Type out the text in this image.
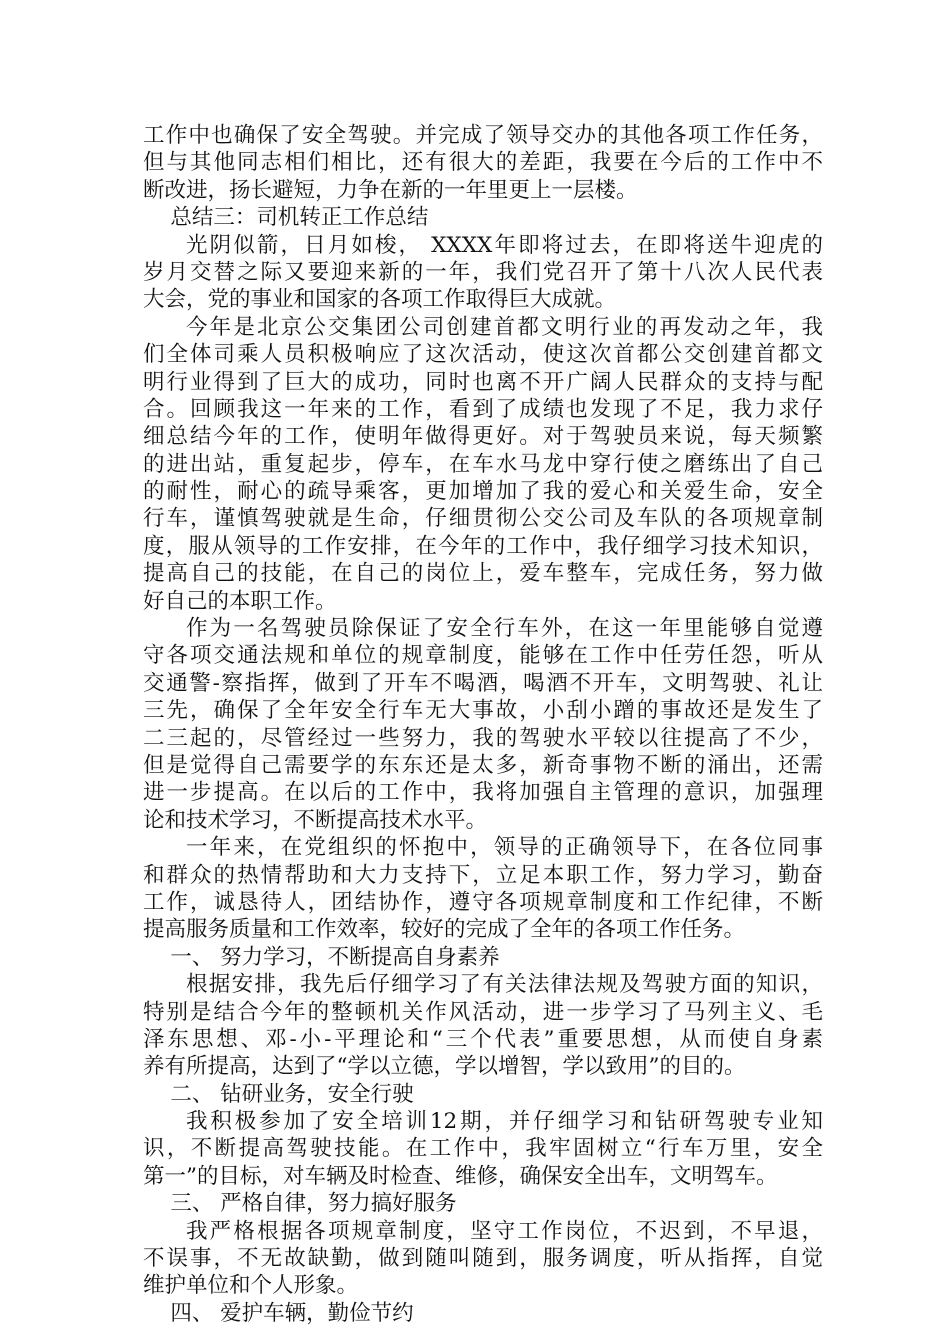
工作中也确保了安全驾驶。并完成了领导交办的其他各项工作任务，
但与其他同志相们相比，还有很大的差距，我要在今后的工作中不
断改进，扬长避短，力争在新的一年里更上一层楼。
总结三：司机转正工作总结
光阴似箭，日月如梭， XXXX年即将过去，在即将送牛迎虎的
岁月交替之际又要迎来新的一年，我们党召开了第十八次人民代表
大会，党的事业和国家的各项工作取得巨大成就。
今年是北京公交集团公司创建首都文明行业的再发动之年，我
们全体司乘人员积极响应了这次活动，使这次首都公交创建首都文
明行业得到了巨大的成功，同时也离不开广阔人民群众的支持与配
合。回顾我这一年来的工作，看到了成绩也发现了不足，我力求仔
细总结今年的工作，使明年做得更好。对于驾驶员来说，每天频繁
的进出站，重复起步，停车，在车水马龙中穿行使之磨练出了自己
的耐性，耐心的疏导乘客，更加增加了我的爱心和关爱生命，安全
行车，谨慎驾驶就是生命，仔细贯彻公交公司及车队的各项规章制
度，服从领导的工作安排，在今年的工作中，我仔细学习技术知识，
提高自己的技能，在自己的岗位上，爱车整车，完成任务，努力做
好自己的本职工作。
作为一名驾驶员除保证了安全行车外，在这一年里能够自觉遵
守各项交通法规和单位的规章制度，能够在工作中任劳任怨，听从
交通警-察指挥，做到了开车不喝酒，喝酒不开车，文明驾驶、礼让
三先，确保了全年安全行车无大事故，小刮小蹭的事故还是发生了
二三起的，尽管经过一些努力，我的驾驶水平较以往提高了不少，
但是觉得自己需要学的东东还是太多，新奇事物不断的涌出，还需
进一步提高。在以后的工作中，我将加强自主管理的意识，加强理
论和技术学习，不断提高技术水平。
一年来，在党组织的怀抱中，领导的正确领导下，在各位同事
和群众的热情帮助和大力支持下，立足本职工作，努力学习，勤奋
工作，诚恳待人，团结协作，遵守各项规章制度和工作纪律，不断
提高服务质量和工作效率，较好的完成了全年的各项工作任务。
一、 努力学习，不断提高自身素养
根据安排，我先后仔细学习了有关法律法规及驾驶方面的知识，
特别是结合今年的整顿机关作风活动，进一步学习了马列主义、毛
泽东思想、邓-小-平理论和“三个代表”重要思想，从而使自身素
养有所提高，达到了“学以立德，学以增智，学以致用”的目的。
二、 钻研业务，安全行驶
我积极参加了安全培训12期，并仔细学习和钻研驾驶专业知
识，不断提高驾驶技能。在工作中，我牢固树立“行车万里，安全
第一”的目标，对车辆及时检查、维修，确保安全出车，文明驾车。
三、 严格自律，努力搞好服务
我严格根据各项规章制度，坚守工作岗位，不迟到，不早退，
不误事，不无故缺勤，做到随叫随到，服务调度，听从指挥，自觉
维护单位和个人形象。
四、 爱护车辆，勤俭节约
